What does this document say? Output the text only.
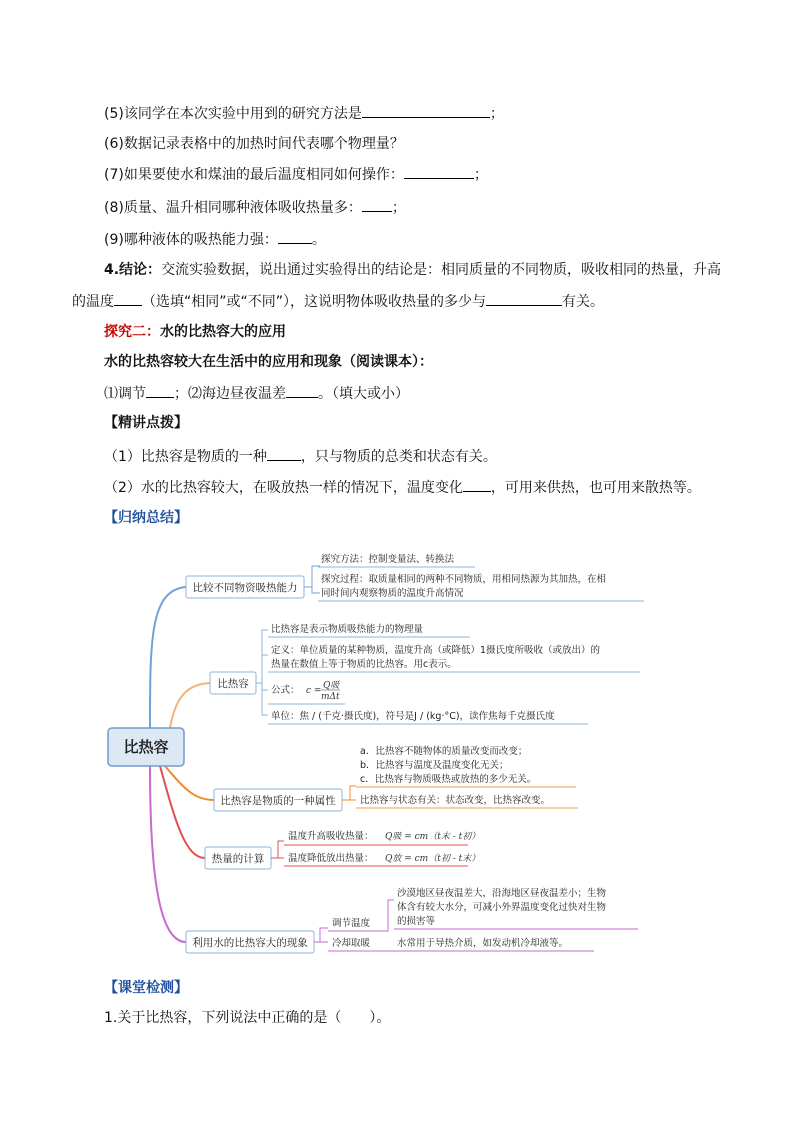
(5)该同学在本次实验中用到的研究方法是	；
(6)数据记录表格中的加热时间代表哪个物理量？
(7)如果要使水和煤油的最后温度相同如何操作：	；
(8)质量、温升相同哪种液体吸收热量多： ；
(9)哪种液体的吸热能力强： 。
4.结论：交流实验数据，说出通过实验得出的结论是：相同质量的不同物质，吸收相同的热量，升高
的温度 （选填“相同”或“不同”），这说明物体吸收热量的多少与	有关。
探究二：水的比热容大的应用
水的比热容较大在生活中的应用和现象（阅读课本）：
⑴调节 ；⑵海边昼夜温差 。（填大或小）
【精讲点拨】
（1）比热容是物质的一种 ，只与物质的总类和状态有关。
（2）水的比热容较大，在吸放热一样的情况下，温度变化 ，可用来供热，也可用来散热等。
【归纳总结】
比热容
比较不同物资吸热能力
探究方法：控制变量法、转换法
探究过程：取质量相同的两种不同物质，用相同热源为其加热，在相
同时间内观察物质的温度升高情况
比热容
比热容是表示物质吸热能力的物理量
定义：单位质量的某种物质，温度升高（或降低）1摄氏度所吸收（或放出）的
热量在数值上等于物质的比热容。用c表示。
公式： c = Q吸
mΔt
单位：焦 / (千克·摄氏度)，符号是J / (kg·°C)，读作焦每千克摄氏度
比热容是物质的一种属性
a．比热容不随物体的质量改变而改变；
b．比热容与温度及温度变化无关；
c．比热容与物质吸热或放热的多少无关。
比热容与状态有关：状态改变，比热容改变。
热量的计算
温度升高吸收热量： Q吸 = cm（t末 - t初）
温度降低放出热量： Q放 = cm（t初 - t末）
利用水的比热容大的现象
调节温度
沙漠地区昼夜温差大，沿海地区昼夜温差小；生物
体含有较大水分，可减小外界温度变化过快对生物
的损害等
冷却取暖	水常用于导热介质，如发动机冷却液等。
【课堂检测】
1.关于比热容，下列说法中正确的是（　　）。
